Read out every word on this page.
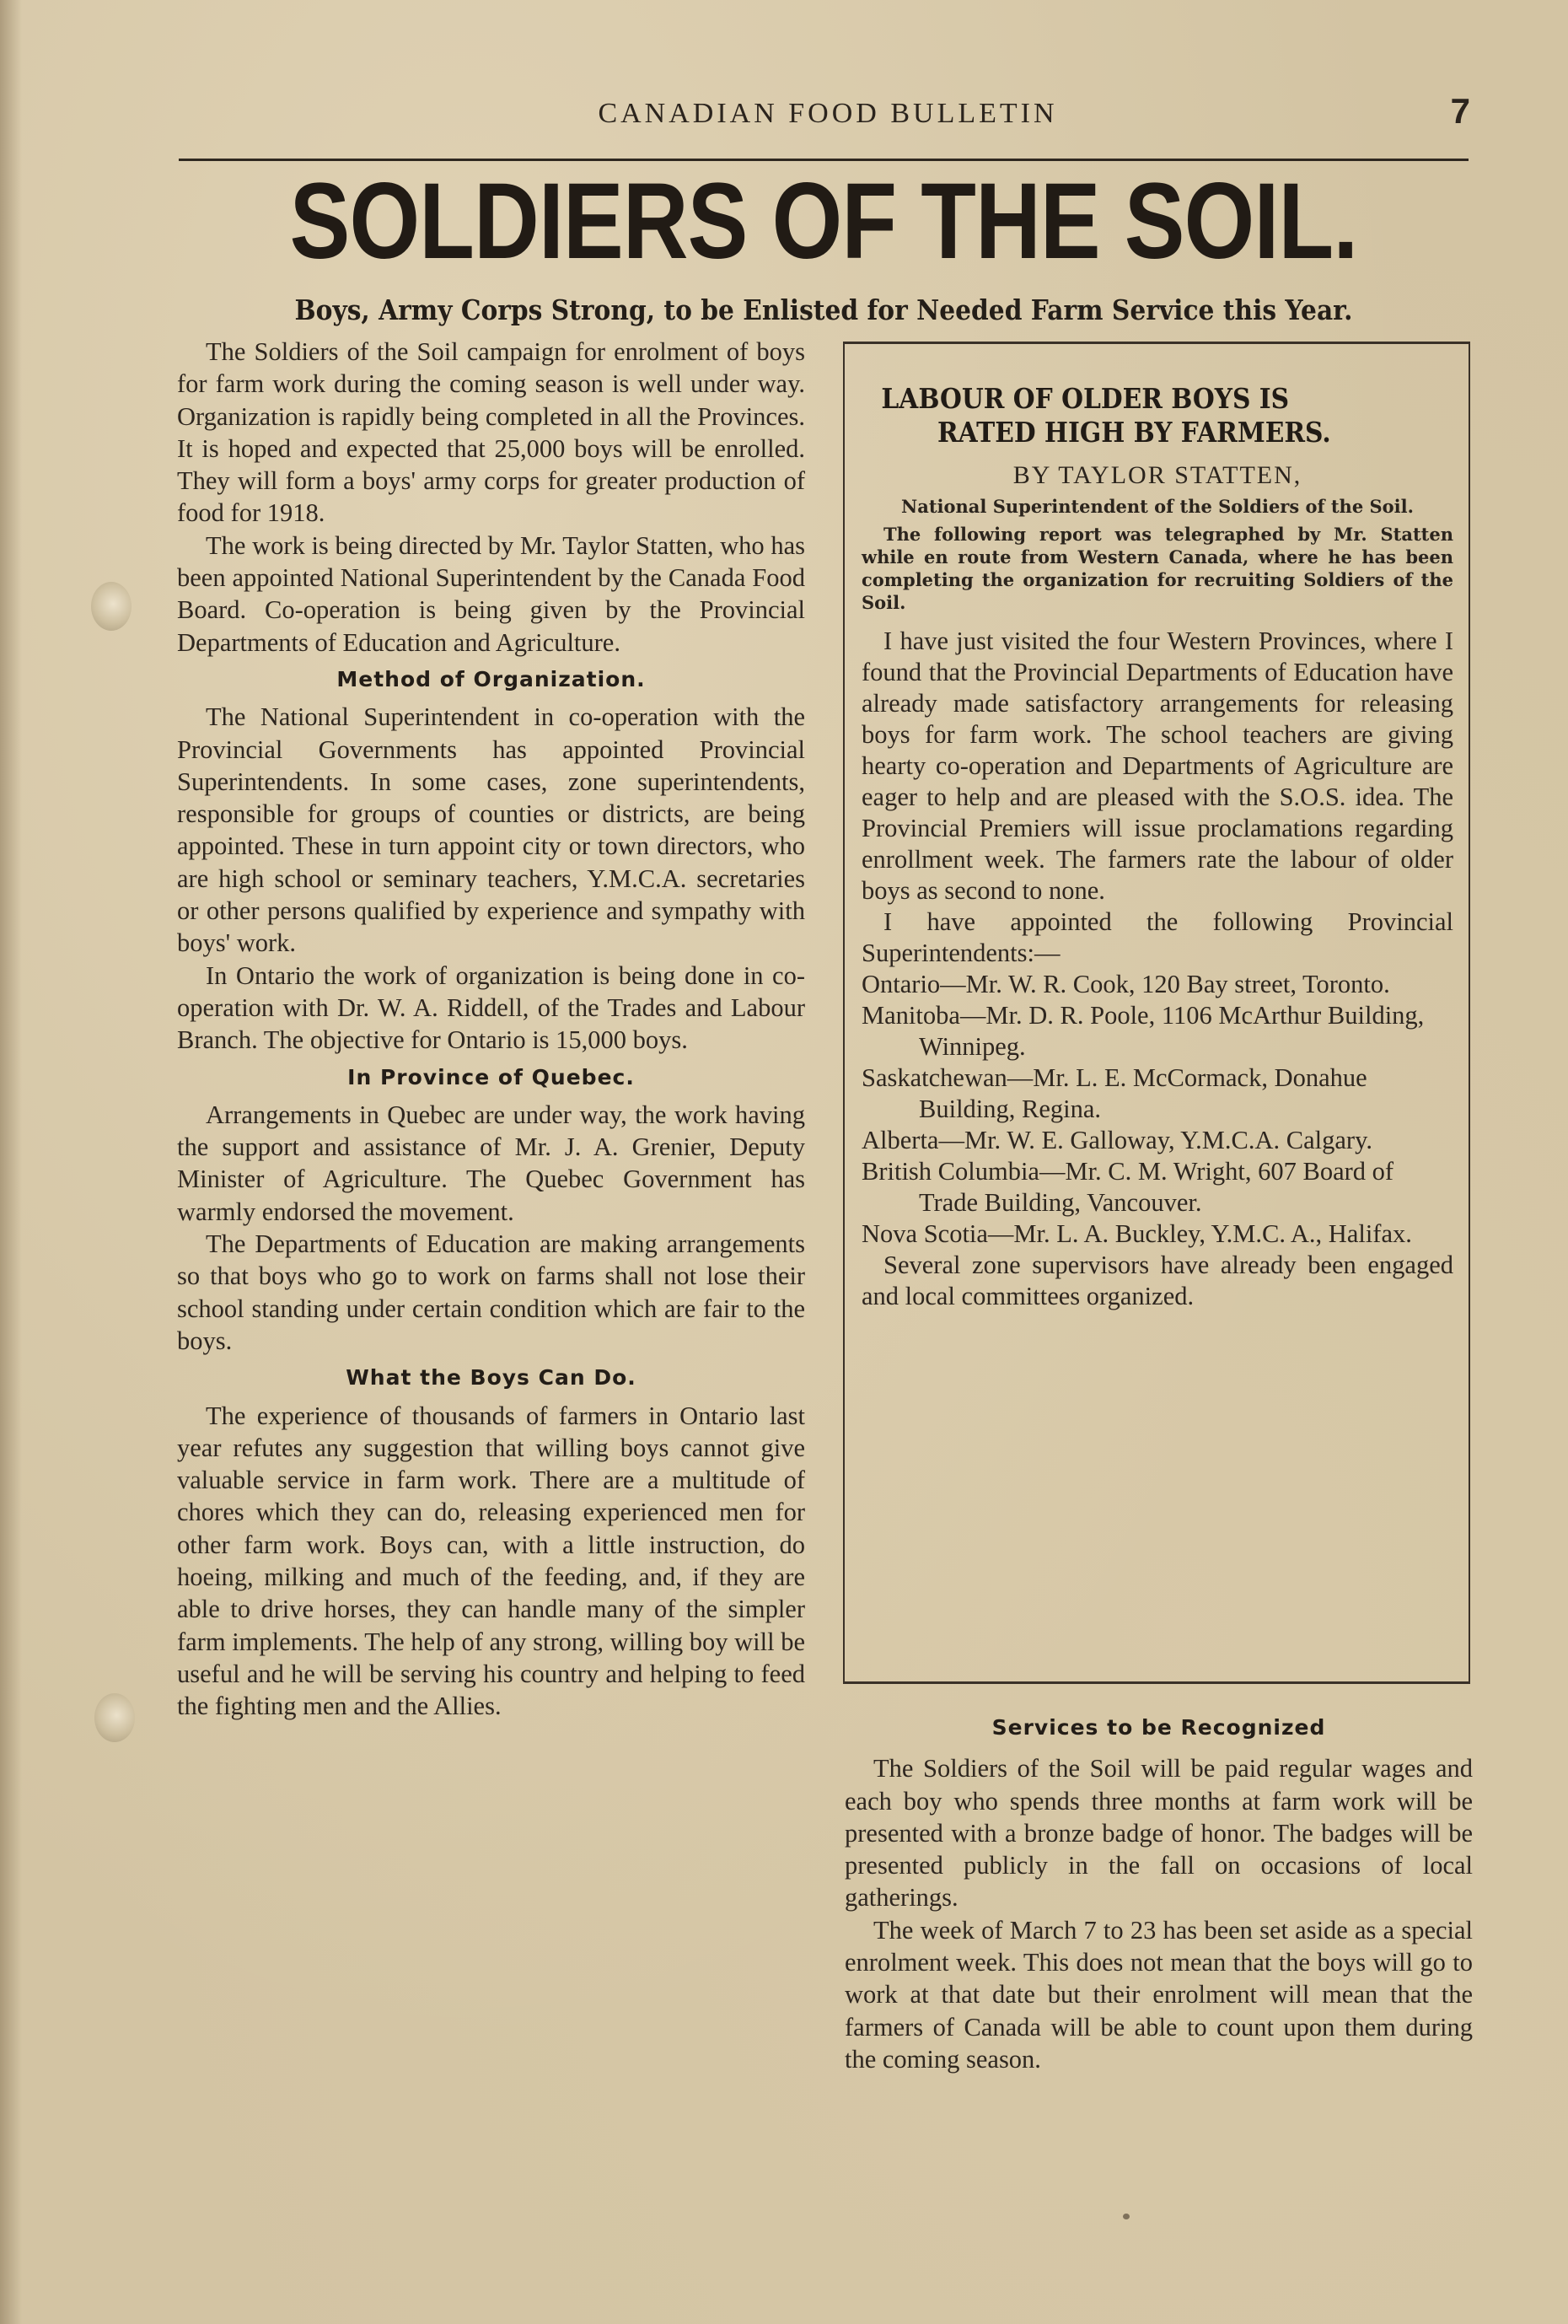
CANADIAN FOOD BULLETIN	7
SOLDIERS OF THE SOIL.
Boys, Army Corps Strong, to be Enlisted for Needed Farm Service this Year.

The Soldiers of the Soil campaign for enrolment of boys for farm work during the coming season is well under way. Organization is rapidly being completed in all the Provinces. It is hoped and expected that 25,000 boys will be enrolled. They will form a boys' army corps for greater production of food for 1918.

The work is being directed by Mr. Taylor Statten, who has been appointed National Superintendent by the Canada Food Board. Co-operation is being given by the Provincial Departments of Education and Agriculture.

Method of Organization.

The National Superintendent in co-operation with the Provincial Governments has appointed Provincial Superintendents. In some cases, zone superintendents, responsible for groups of counties or districts, are being appointed. These in turn appoint city or town directors, who are high school or seminary teachers, Y.M.C.A. secretaries or other persons qualified by experience and sympathy with boys' work.

In Ontario the work of organization is being done in co-operation with Dr. W. A. Riddell, of the Trades and Labour Branch. The objective for Ontario is 15,000 boys.

In Province of Quebec.

Arrangements in Quebec are under way, the work having the support and assistance of Mr. J. A. Grenier, Deputy Minister of Agriculture. The Quebec Government has warmly endorsed the movement.

The Departments of Education are making arrangements so that boys who go to work on farms shall not lose their school standing under certain condition which are fair to the boys.

What the Boys Can Do.

The experience of thousands of farmers in Ontario last year refutes any suggestion that willing boys cannot give valuable service in farm work. There are a multitude of chores which they can do, releasing experienced men for other farm work. Boys can, with a little instruction, do hoeing, milking and much of the feeding, and, if they are able to drive horses, they can handle many of the simpler farm implements. The help of any strong, willing boy will be useful and he will be serving his country and helping to feed the fighting men and the Allies.

LABOUR OF OLDER BOYS IS
RATED HIGH BY FARMERS.
BY TAYLOR STATTEN,
National Superintendent of the Soldiers of the Soil.
The following report was telegraphed by Mr. Statten while en route from Western Canada, where he has been completing the organization for recruiting Soldiers of the Soil.

I have just visited the four Western Provinces, where I found that the Provincial Departments of Education have already made satisfactory arrangements for releasing boys for farm work. The school teachers are giving hearty co-operation and Departments of Agriculture are eager to help and are pleased with the S.O.S. idea. The Provincial Premiers will issue proclamations regarding enrollment week. The farmers rate the labour of older boys as second to none.

I have appointed the following Provincial Superintendents:—

Ontario—Mr. W. R. Cook, 120 Bay street, Toronto.

Manitoba—Mr. D. R. Poole, 1106 McArthur Building, Winnipeg.

Saskatchewan—Mr. L. E. McCormack, Donahue Building, Regina.

Alberta—Mr. W. E. Galloway, Y.M.C.A. Calgary.

British Columbia—Mr. C. M. Wright, 607 Board of Trade Building, Vancouver.

Nova Scotia—Mr. L. A. Buckley, Y.M.C. A., Halifax.

Several zone supervisors have already been engaged and local committees organized.

Services to be Recognized

The Soldiers of the Soil will be paid regular wages and each boy who spends three months at farm work will be presented with a bronze badge of honor. The badges will be presented publicly in the fall on occasions of local gatherings.

The week of March 7 to 23 has been set aside as a special enrolment week. This does not mean that the boys will go to work at that date but their enrolment will mean that the farmers of Canada will be able to count upon them during the coming season.
